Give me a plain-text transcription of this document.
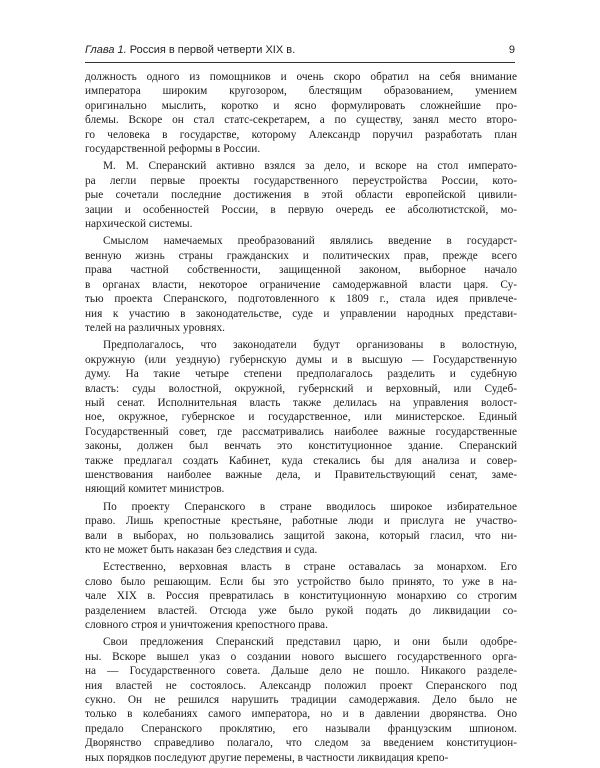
Глава 1. Россия в первой четверти XIX в.	9
должность одного из помощников и очень скоро обратил на себя внимание
императора широким кругозором, блестящим образованием, умением
оригинально мыслить, коротко и ясно формулировать сложнейшие про-
блемы. Вскоре он стал статс-секретарем, а по существу, занял место второ-
го человека в государстве, которому Александр поручил разработать план
государственной реформы в России.
М. М. Сперанский активно взялся за дело, и вскоре на стол императо-
ра легли первые проекты государственного переустройства России, кото-
рые сочетали последние достижения в этой области европейской цивили-
зации и особенностей России, в первую очередь ее абсолютистской, мо-
нархической системы.
Смыслом намечаемых преобразований являлись введение в государст-
венную жизнь страны гражданских и политических прав, прежде всего
права частной собственности, защищенной законом, выборное начало
в органах власти, некоторое ограничение самодержавной власти царя. Су-
тью проекта Сперанского, подготовленного к 1809 г., стала идея привлече-
ния к участию в законодательстве, суде и управлении народных представи-
телей на различных уровнях.
Предполагалось, что законодатели будут организованы в волостную,
окружную (или уездную) губернскую думы и в высшую — Государственную
думу. На такие четыре степени предполагалось разделить и судебную
власть: суды волостной, окружной, губернский и верховный, или Судеб-
ный сенат. Исполнительная власть также делилась на управления волост-
ное, окружное, губернское и государственное, или министерское. Единый
Государственный совет, где рассматривались наиболее важные государственные
законы, должен был венчать это конституционное здание. Сперанский
также предлагал создать Кабинет, куда стекались бы для анализа и совер-
шенствования наиболее важные дела, и Правительствующий сенат, заме-
няющий комитет министров.
По проекту Сперанского в стране вводилось широкое избирательное
право. Лишь крепостные крестьяне, работные люди и прислуга не участво-
вали в выборах, но пользовались защитой закона, который гласил, что ни-
кто не может быть наказан без следствия и суда.
Естественно, верховная власть в стране оставалась за монархом. Его
слово было решающим. Если бы это устройство было принято, то уже в на-
чале XIX в. Россия превратилась в конституционную монархию со строгим
разделением властей. Отсюда уже было рукой подать до ликвидации со-
словного строя и уничтожения крепостного права.
Свои предложения Сперанский представил царю, и они были одобре-
ны. Вскоре вышел указ о создании нового высшего государственного орга-
на — Государственного совета. Дальше дело не пошло. Никакого разделе-
ния властей не состоялось. Александр положил проект Сперанского под
сукно. Он не решился нарушить традиции самодержавия. Дело было не
только в колебаниях самого императора, но и в давлении дворянства. Оно
предало Сперанского проклятию, его называли французским шпионом.
Дворянство справедливо полагало, что следом за введением конституцион-
ных порядков последуют другие перемены, в частности ликвидация крепо-
